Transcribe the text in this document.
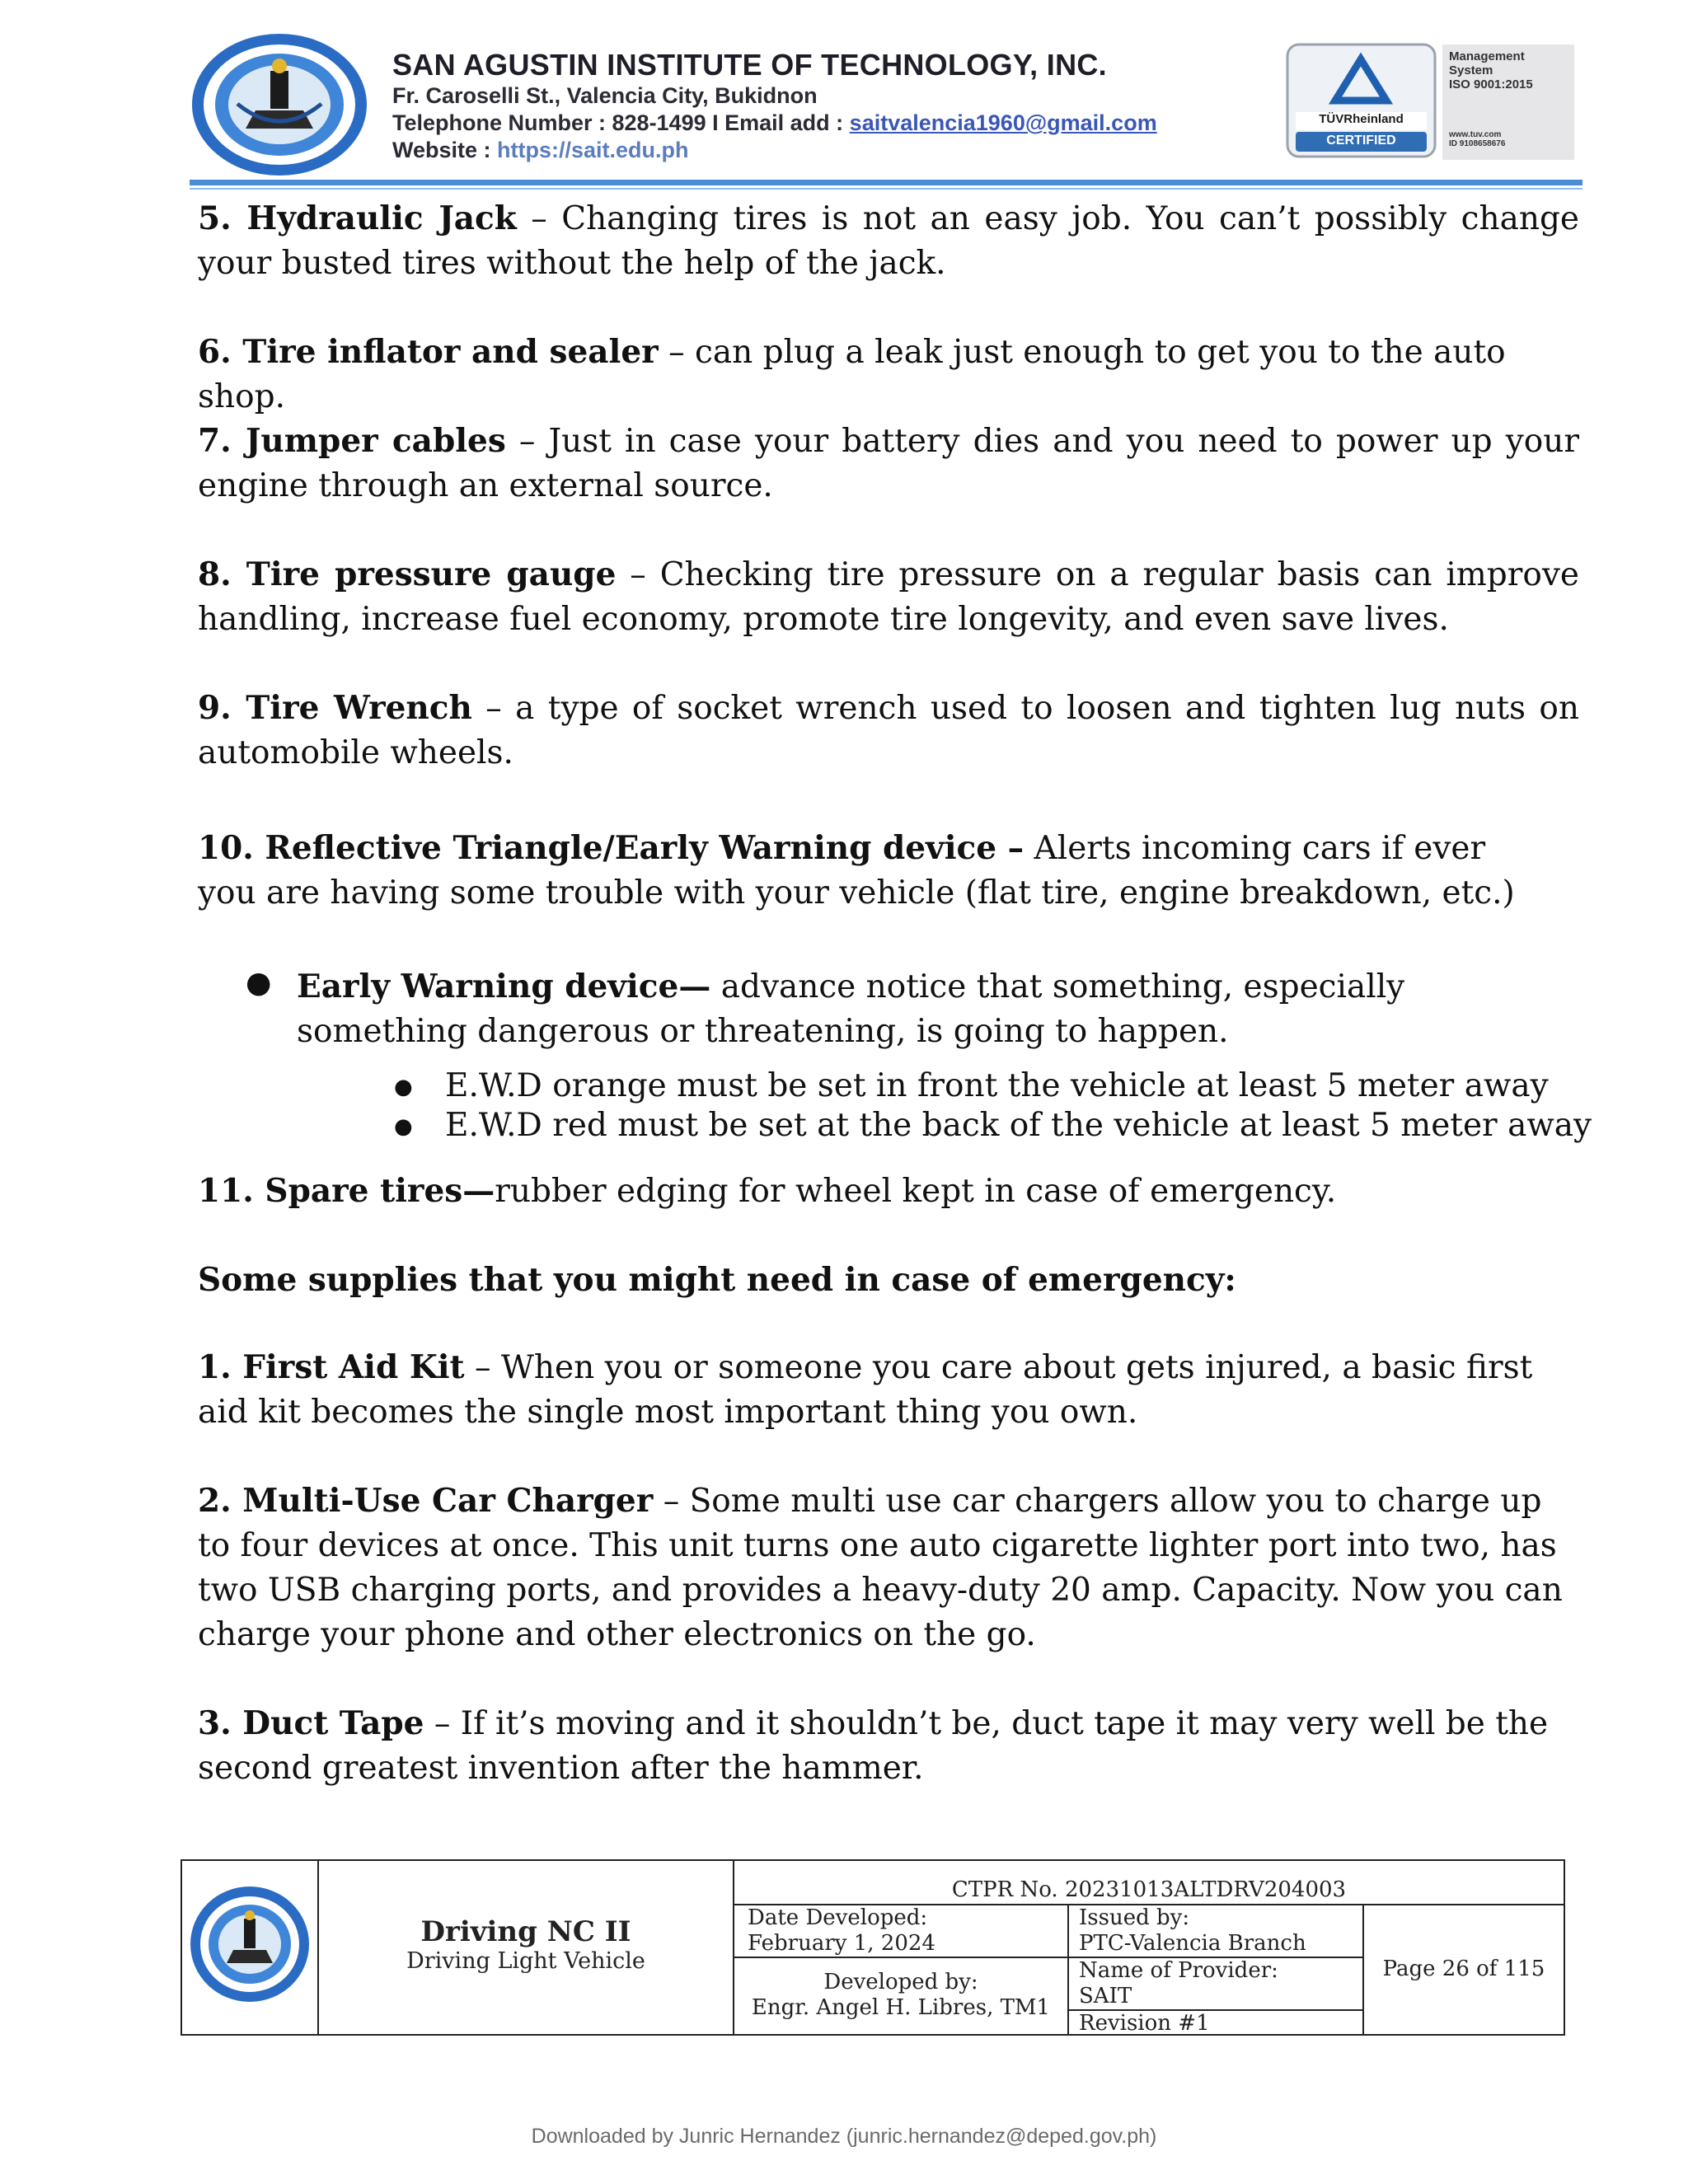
SAN AGUSTIN INSTITUTE OF TECHNOLOGY, INC.
Fr. Caroselli St., Valencia City, Bukidnon
Telephone Number : 828-1499 I Email add : saitvalencia1960@gmail.com
Website : https://sait.edu.ph
TÜVRheinland
CERTIFIED
Management
System
ISO 9001:2015
www.tuv.com
ID 9108658676

5. Hydraulic Jack – Changing tires is not an easy job. You can’t possibly change your busted tires without the help of the jack.

6. Tire inflator and sealer – can plug a leak just enough to get you to the auto shop.

7. Jumper cables – Just in case your battery dies and you need to power up your engine through an external source.

8. Tire pressure gauge – Checking tire pressure on a regular basis can improve handling, increase fuel economy, promote tire longevity, and even save lives.

9. Tire Wrench – a type of socket wrench used to loosen and tighten lug nuts on automobile wheels.

10. Reflective Triangle/Early Warning device – Alerts incoming cars if ever you are having some trouble with your vehicle (flat tire, engine breakdown, etc.)

● Early Warning device— advance notice that something, especially something dangerous or threatening, is going to happen.

● E.W.D orange must be set in front the vehicle at least 5 meter away

● E.W.D red must be set at the back of the vehicle at least 5 meter away

11. Spare tires—rubber edging for wheel kept in case of emergency.

Some supplies that you might need in case of emergency:

1. First Aid Kit – When you or someone you care about gets injured, a basic first aid kit becomes the single most important thing you own.

2. Multi-Use Car Charger – Some multi use car chargers allow you to charge up to four devices at once. This unit turns one auto cigarette lighter port into two, has two USB charging ports, and provides a heavy-duty 20 amp. Capacity. Now you can charge your phone and other electronics on the go.

3. Duct Tape – If it’s moving and it shouldn’t be, duct tape it may very well be the second greatest invention after the hammer.

Driving NC II
Driving Light Vehicle
CTPR No. 20231013ALTDRV204003
Date Developed:
February 1, 2024
Developed by:
Engr. Angel H. Libres, TM1
Issued by:
PTC-Valencia Branch
Name of Provider:
SAIT
Revision #1
Page 26 of 115
Downloaded by Junric Hernandez (junric.hernandez@deped.gov.ph)
